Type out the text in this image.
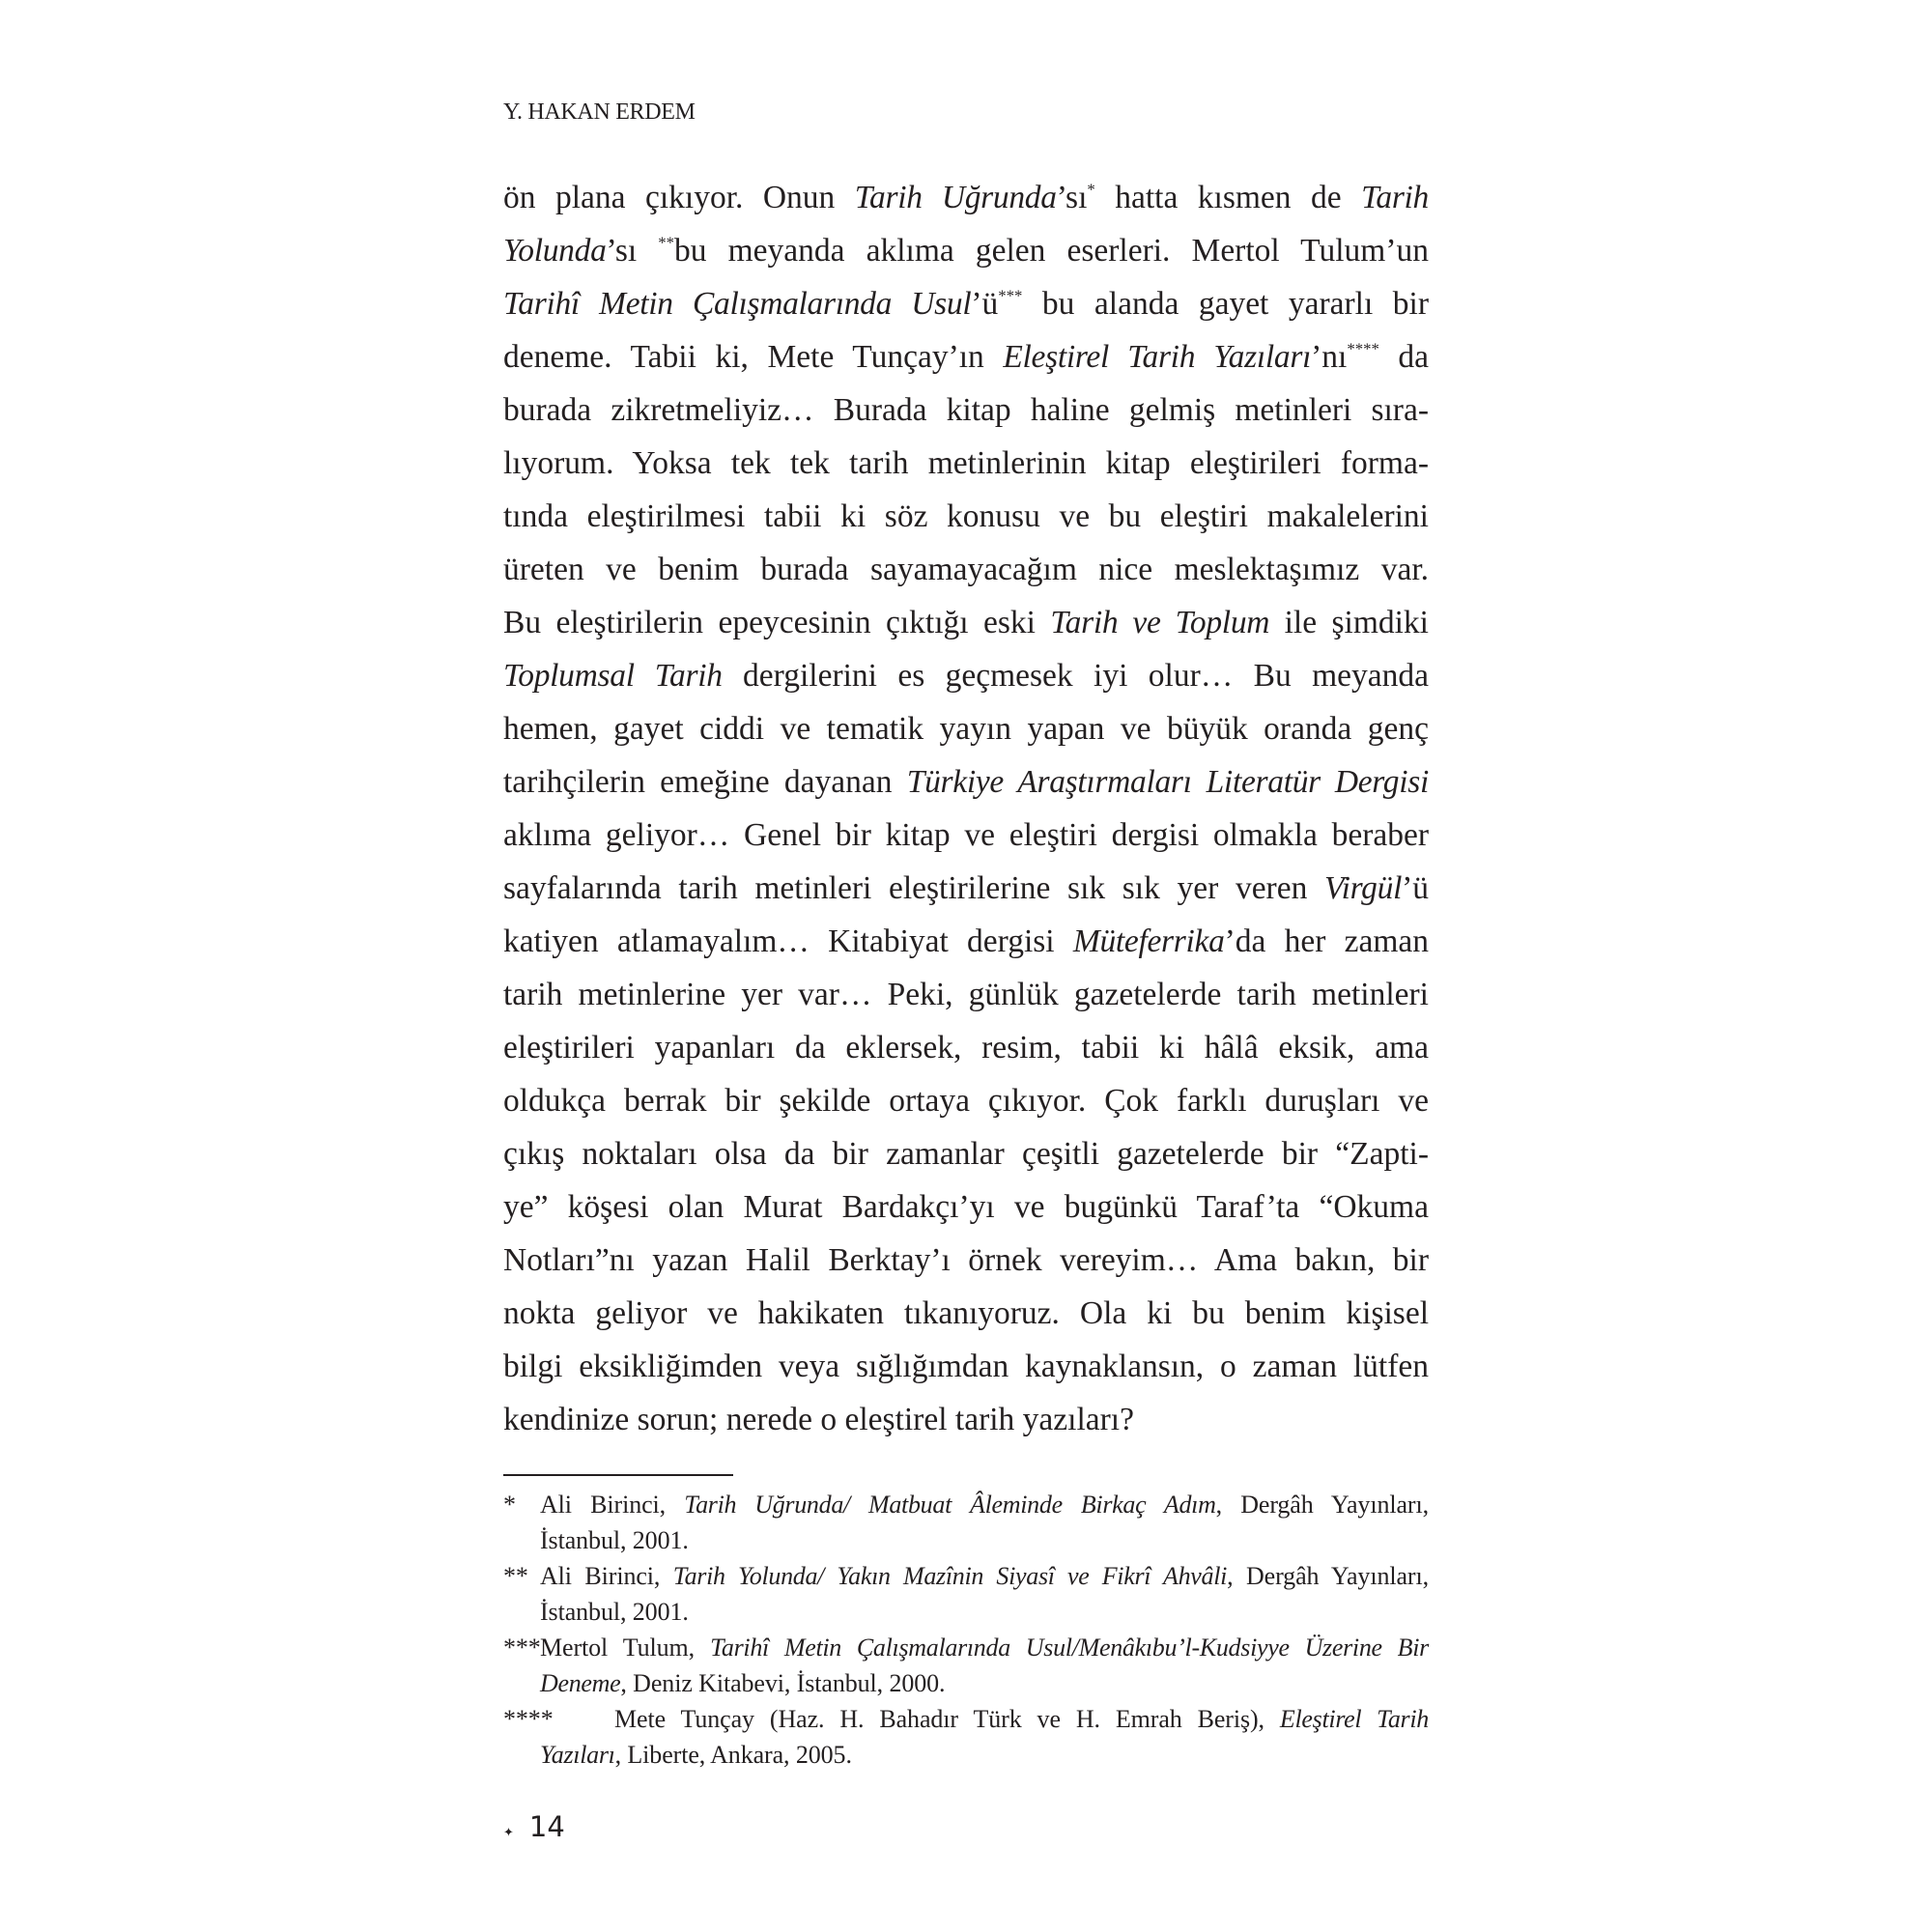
Y. HAKAN ERDEM
ön plana çıkıyor. Onun Tarih Uğrunda’sı* hatta kısmen de Tarih
Yolunda’sı **bu meyanda aklıma gelen eserleri. Mertol Tulum’un
Tarihî Metin Çalışmalarında Usul’ü*** bu alanda gayet yararlı bir
deneme. Tabii ki, Mete Tunçay’ın Eleştirel Tarih Yazıları’nı**** da
burada zikretmeliyiz… Burada kitap haline gelmiş metinleri sıra-
lıyorum. Yoksa tek tek tarih metinlerinin kitap eleştirileri forma-
tında eleştirilmesi tabii ki söz konusu ve bu eleştiri makalelerini
üreten ve benim burada sayamayacağım nice meslektaşımız var.
Bu eleştirilerin epeycesinin çıktığı eski Tarih ve Toplum ile şimdiki
Toplumsal Tarih dergilerini es geçmesek iyi olur… Bu meyanda
hemen, gayet ciddi ve tematik yayın yapan ve büyük oranda genç
tarihçilerin emeğine dayanan Türkiye Araştırmaları Literatür Dergisi
aklıma geliyor… Genel bir kitap ve eleştiri dergisi olmakla beraber
sayfalarında tarih metinleri eleştirilerine sık sık yer veren Virgül’ü
katiyen atlamayalım… Kitabiyat dergisi Müteferrika’da her zaman
tarih metinlerine yer var… Peki, günlük gazetelerde tarih metinleri
eleştirileri yapanları da eklersek, resim, tabii ki hâlâ eksik, ama
oldukça berrak bir şekilde ortaya çıkıyor. Çok farklı duruşları ve
çıkış noktaları olsa da bir zamanlar çeşitli gazetelerde bir “Zapti-
ye” köşesi olan Murat Bardakçı’yı ve bugünkü Taraf’ta “Okuma
Notları”nı yazan Halil Berktay’ı örnek vereyim… Ama bakın, bir
nokta geliyor ve hakikaten tıkanıyoruz. Ola ki bu benim kişisel
bilgi eksikliğimden veya sığlığımdan kaynaklansın, o zaman lütfen
kendinize sorun; nerede o eleştirel tarih yazıları?
* Ali Birinci, Tarih Uğrunda/ Matbuat Âleminde Birkaç Adım, Dergâh Yayınları,
İstanbul, 2001.
** Ali Birinci, Tarih Yolunda/ Yakın Mazînin Siyasî ve Fikrî Ahvâli, Dergâh Yayınları,
İstanbul, 2001.
*** Mertol Tulum, Tarihî Metin Çalışmalarında Usul/Menâkıbu’l-Kudsiyye Üzerine Bir
Deneme, Deniz Kitabevi, İstanbul, 2000.
****	Mete Tunçay (Haz. H. Bahadır Türk ve H. Emrah Beriş), Eleştirel Tarih
Yazıları, Liberte, Ankara, 2005.
✦ 14
